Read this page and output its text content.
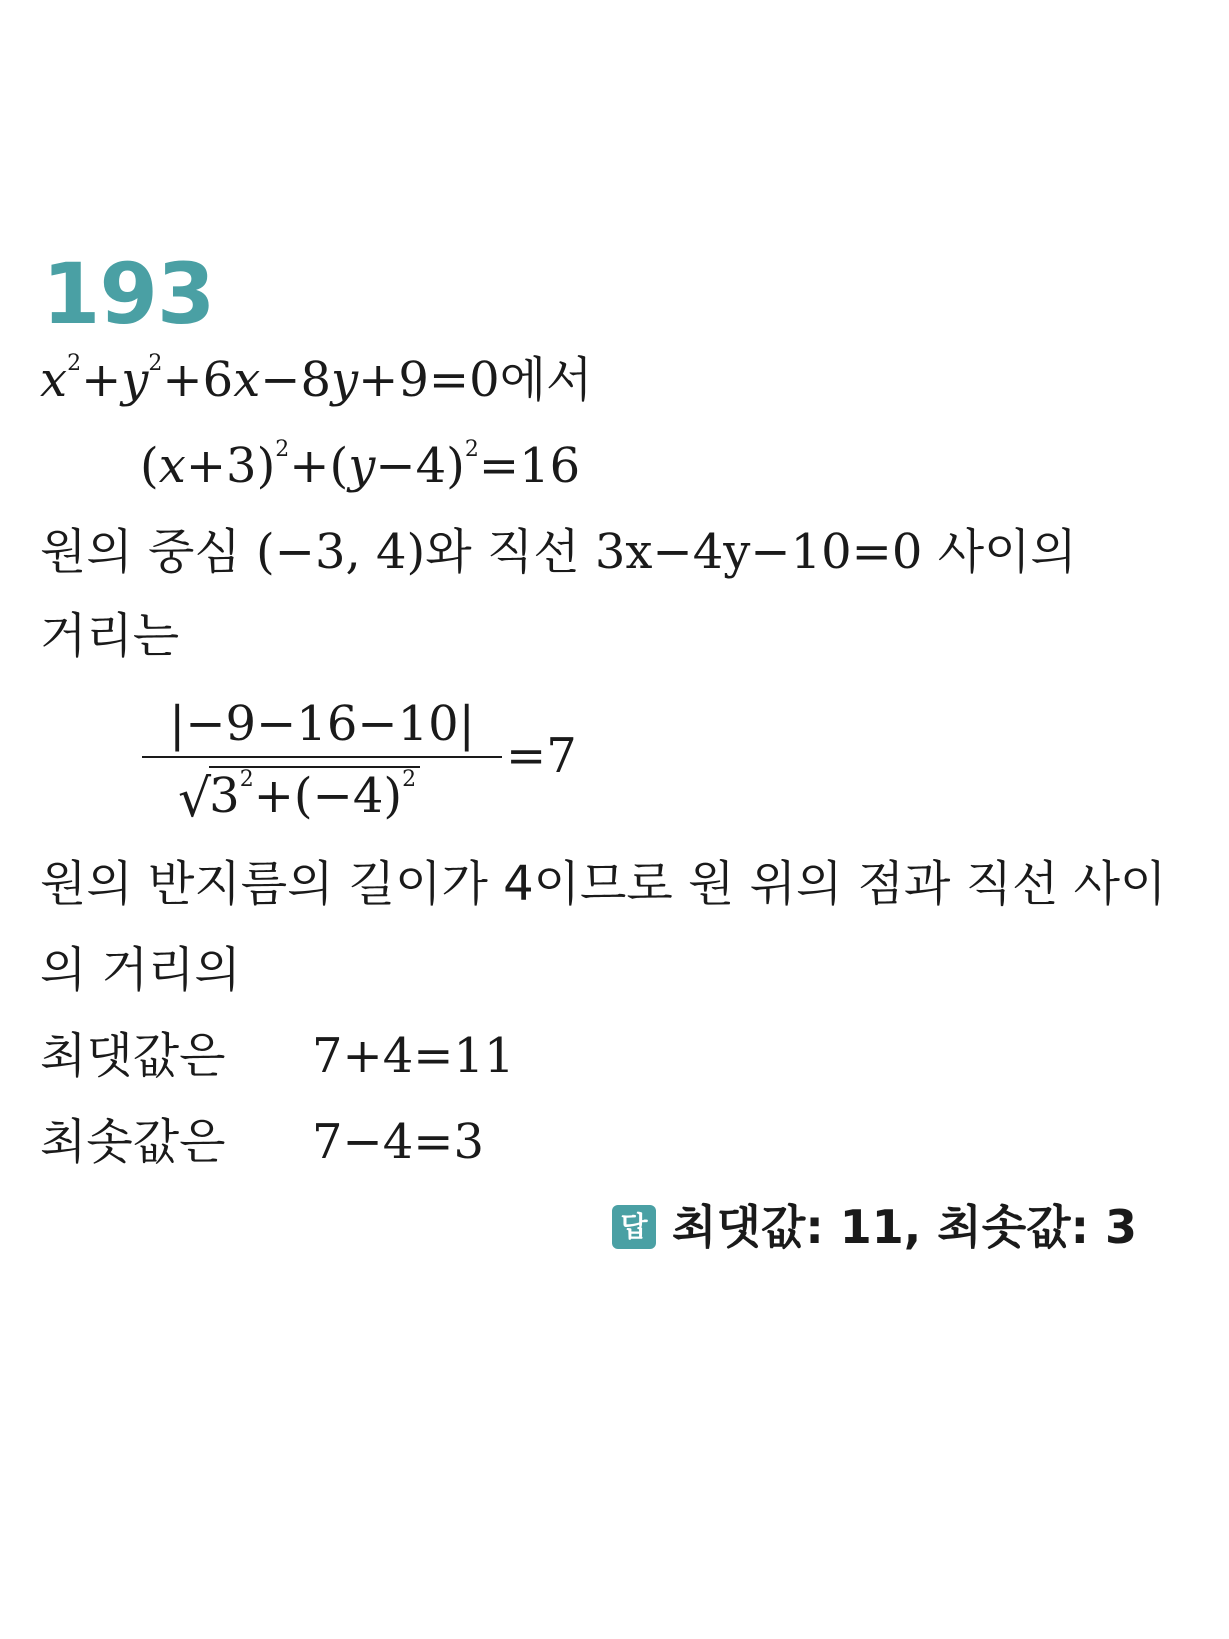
193
$x^2+y^2+6x-8y+9=0$에서
$(x+3)^2+(y-4)^2=16$
원의 중심 (−3, 4)와 직선 3x−4y−10=0 사이의
거리는
$\frac{|-9-16-10|}{√3^2+(-4)^2} =7$
원의 반지름의 길이가 4이므로 원 위의 점과 직선 사이
의 거리의
최댓값은 7+4=11
최솟값은 7−4=3
답 최댓값: 11, 최솟값: 3
